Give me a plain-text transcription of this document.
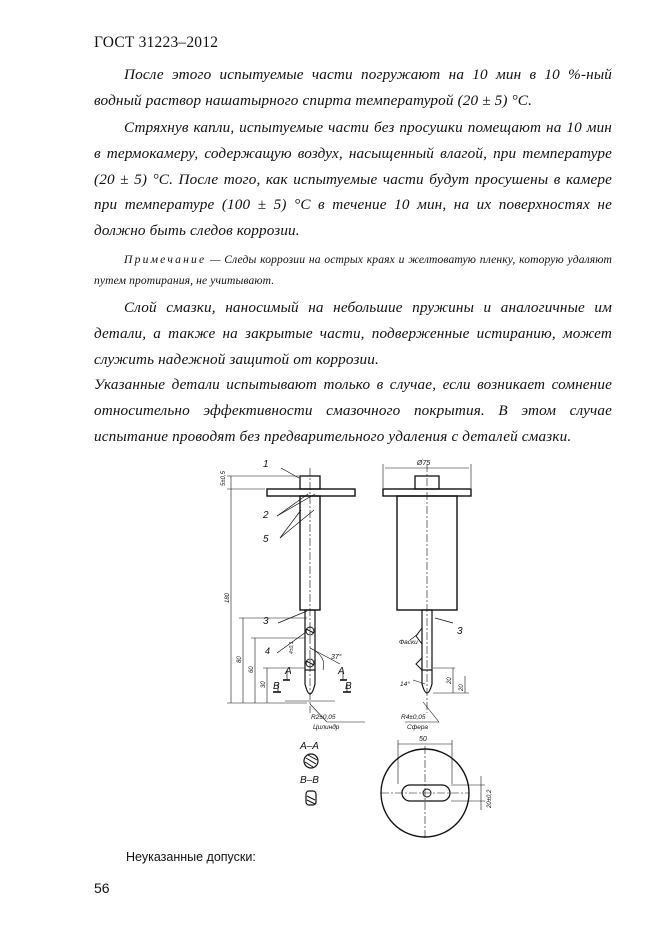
ГОСТ 31223–2012

После этого испытуемые части погружают на 10 мин в 10 %-ный водный раствор нашатырного спирта температурой (20 ± 5) °С.

Стряхнув капли, испытуемые части без просушки помещают на 10 мин в термокамеру, содержащую воздух, насыщенный влагой, при температуре (20 ± 5) °С. После того, как испытуемые части будут просушены в камере при температуре (100 ± 5) °С в течение 10 мин, на их поверхностях не должно быть следов коррозии.

Примечание — Следы коррозии на острых краях и желтоватую пленку, которую удаляют путем протирания, не учитывают.

Слой смазки, наносимый на небольшие пружины и аналогичные им детали, а также на закрытые части, подверженные истиранию, может служить надежной защитой от коррозии.

Указанные детали испытывают только в случае, если возникает сомнение относительно эффективности смазочного покрытия. В этом случае испытание проводят без предварительного удаления с деталей смазки.

1
2
5
3
4
3
5±0,5
180
80
60
30
4±0,1
А	А
В	В
37°
R2±0,05
Цилиндр
Ø75
Фаски
14°
20
20
R4±0,05
Сфера
А–А
В–В
50
20±0,2
Неуказанные допуски:
56
